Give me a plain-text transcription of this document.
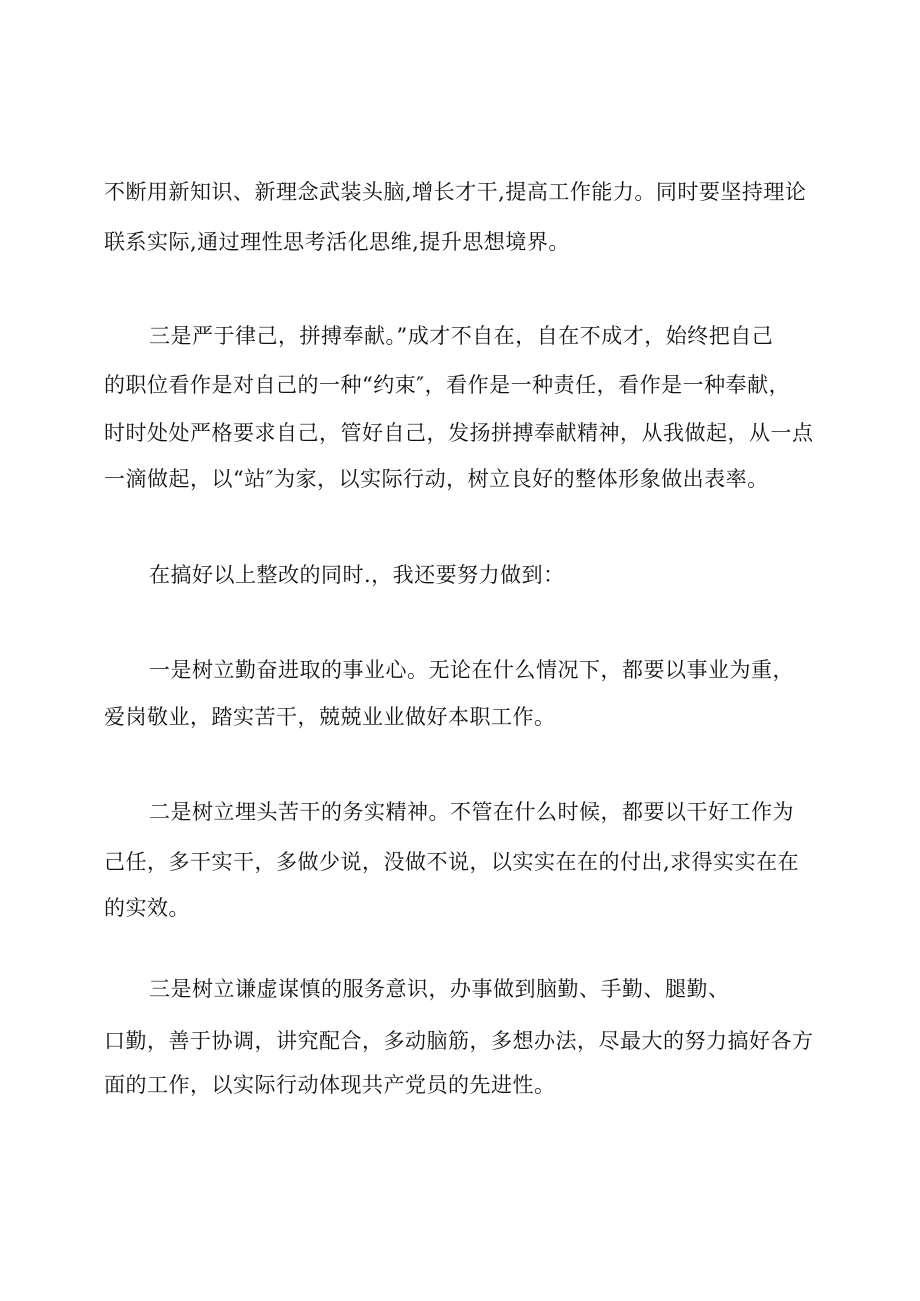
不断用新知识、新理念武装头脑,增长才干,提高工作能力。同时要坚持理论
联系实际,通过理性思考活化思维,提升思想境界。
三是严于律己，拼搏奉献。”成才不自在，自在不成才，始终把自己
的职位看作是对自己的一种“约束″，看作是一种责任，看作是一种奉献，
时时处处严格要求自己，管好自己，发扬拼搏奉献精神，从我做起，从一点
一滴做起，以“站″为家，以实际行动，树立良好的整体形象做出表率。
在搞好以上整改的同时.，我还要努力做到：
一是树立勤奋进取的事业心。无论在什么情况下，都要以事业为重，
爱岗敬业，踏实苦干，兢兢业业做好本职工作。
二是树立埋头苦干的务实精神。不管在什么时候，都要以干好工作为
己任，多干实干，多做少说，没做不说，以实实在在的付出,求得实实在在
的实效。
三是树立谦虚谋慎的服务意识，办事做到脑勤、手勤、腿勤、
口勤，善于协调，讲究配合，多动脑筋，多想办法，尽最大的努力搞好各方
面的工作，以实际行动体现共产党员的先进性。
